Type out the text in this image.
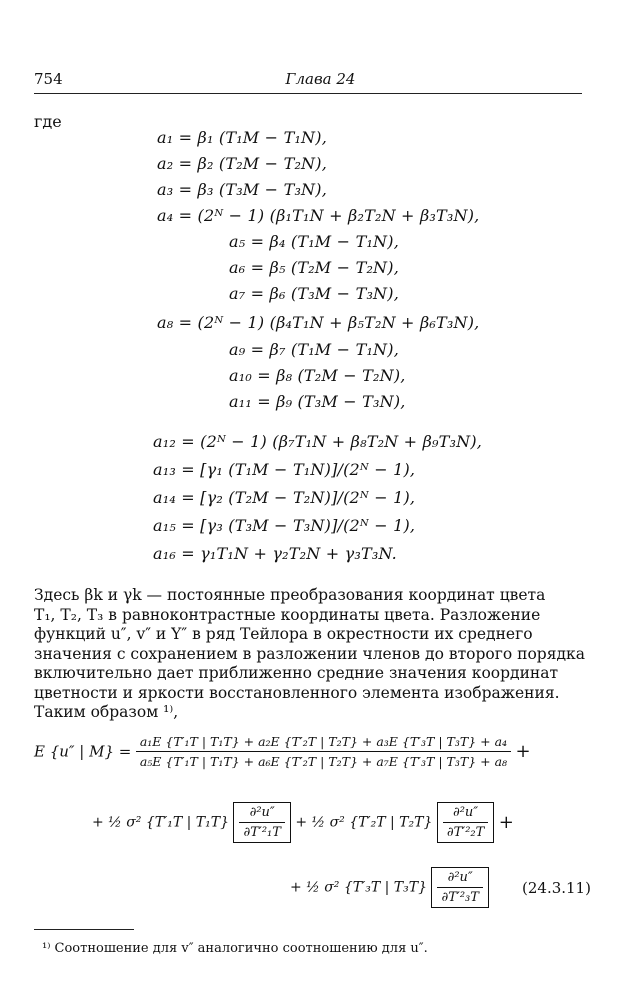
754	Глава 24
где
a₁ = β₁ (T₁M − T₁N),
a₂ = β₂ (T₂M − T₂N),
a₃ = β₃ (T₃M − T₃N),
a₄ = (2ᴺ − 1) (β₁T₁N + β₂T₂N + β₃T₃N),
a₅ = β₄ (T₁M − T₁N),
a₆ = β₅ (T₂M − T₂N),
a₇ = β₆ (T₃M − T₃N),
a₈ = (2ᴺ − 1) (β₄T₁N + β₅T₂N + β₆T₃N),
a₉ = β₇ (T₁M − T₁N),
a₁₀ = β₈ (T₂M − T₂N),
a₁₁ = β₉ (T₃M − T₃N),
a₁₂ = (2ᴺ − 1) (β₇T₁N + β₈T₂N + β₉T₃N),
a₁₃ = [γ₁ (T₁M − T₁N)]/(2ᴺ − 1),
a₁₄ = [γ₂ (T₂M − T₂N)]/(2ᴺ − 1),
a₁₅ = [γ₃ (T₃M − T₃N)]/(2ᴺ − 1),
a₁₆ = γ₁T₁N + γ₂T₂N + γ₃T₃N.
Здесь βk и γk — постоянные преобразования координат цвета
T₁, T₂, T₃ в равноконтрастные координаты цвета. Разложение
функций u″, v″ и Y″ в ряд Тейлора в окрестности их среднего
значения с сохранением в разложении членов до второго порядка
включительно дает приближенно средние значения координат
цветности и яркости восстановленного элемента изображения.
Таким образом ¹⁾,
E {u″ | $M\} = \frac{\text{a₁E \{T′₁T | T₁T\} + a₂E \{T′₂T | T₂T\} + a₃E \{T′₃T | T₃T\} + a₄}}{\text{a₅E \{T′₁T | T₁T\} + a₆E \{T′₂T | T₂T\} + a₇E \{T′₃T | T₃T\} + a₈}}$ +
+ ½ σ² {T′₁T | $T_1T\} \frac{\text{∂²u″}}{\text{∂T′²₁T}}$ + ½ σ² {T′₂T | $T_2T\} \frac{\text{∂²u″}}{\text{∂T′²₂T}}$ +
+ ½ σ² {T′₃T | $T_3T\} \frac{\text{∂²u″}}{\text{∂T′²₃T}}$	(24.3.11)
¹⁾ Соотношение для v″ аналогично соотношению для u″.
